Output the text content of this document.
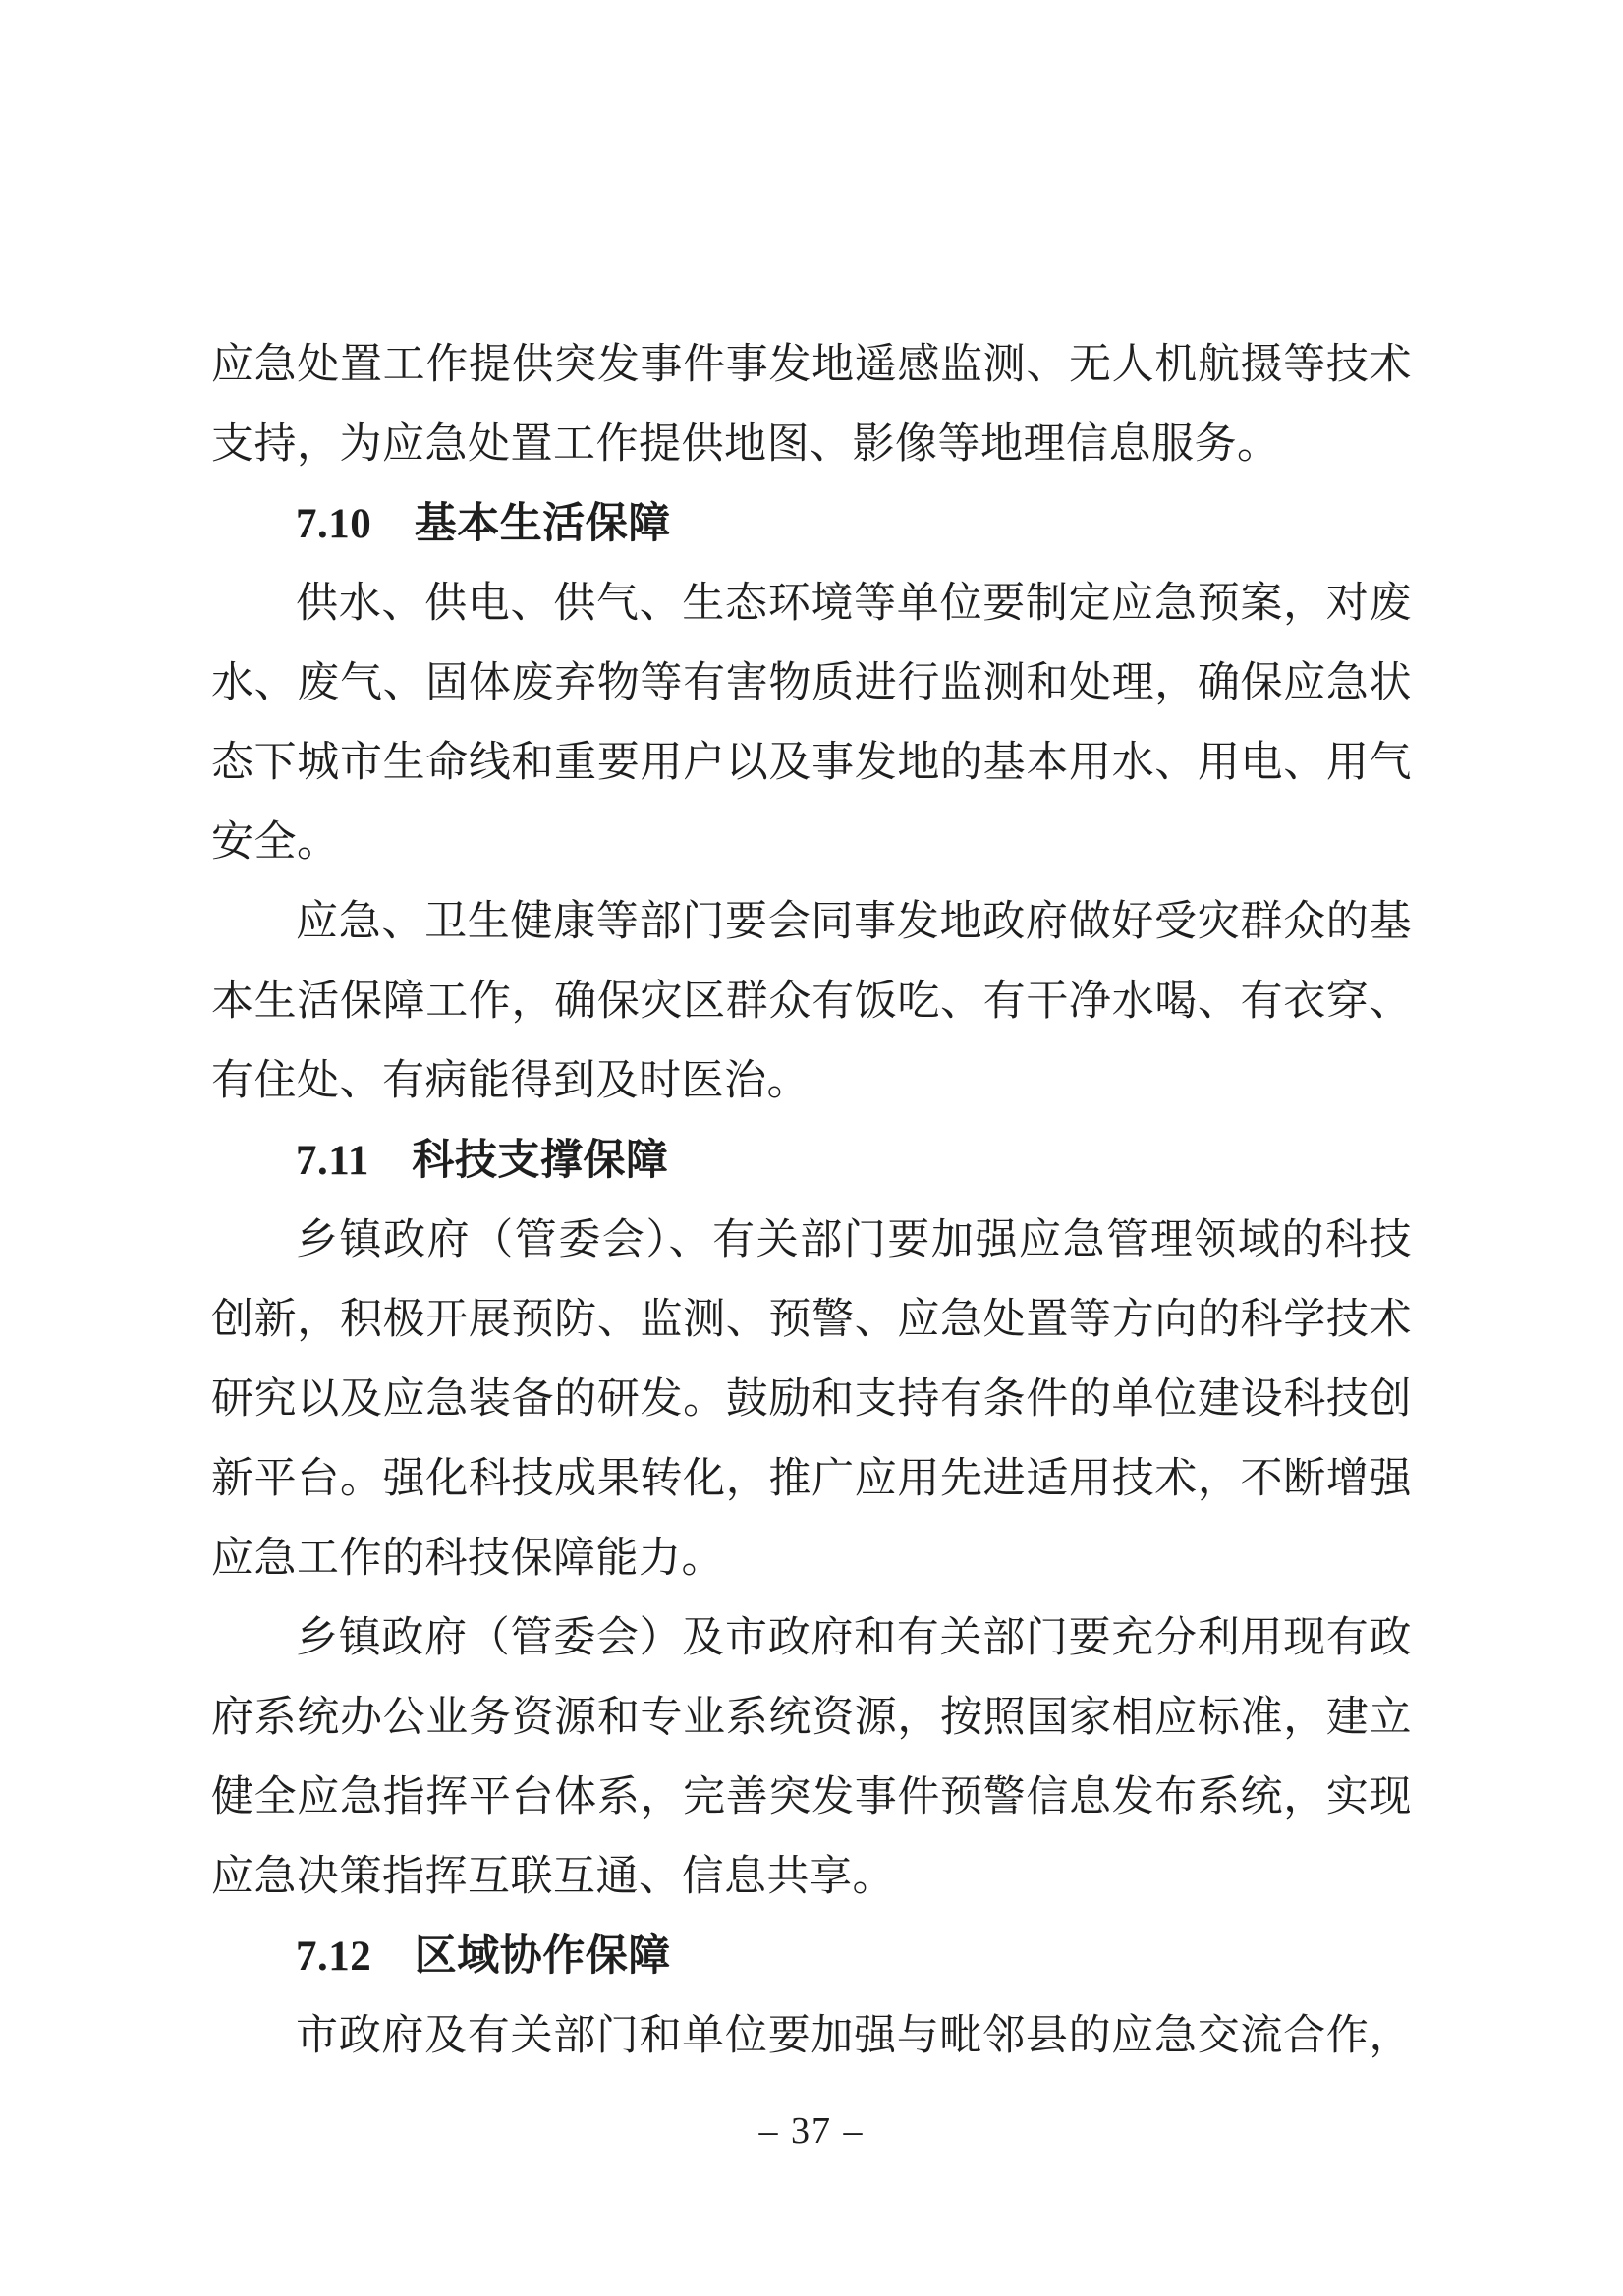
应急处置工作提供突发事件事发地遥感监测、无人机航摄等技术
支持，为应急处置工作提供地图、影像等地理信息服务。
7.10　基本生活保障
供水、供电、供气、生态环境等单位要制定应急预案，对废
水、废气、固体废弃物等有害物质进行监测和处理，确保应急状
态下城市生命线和重要用户以及事发地的基本用水、用电、用气
安全。
应急、卫生健康等部门要会同事发地政府做好受灾群众的基
本生活保障工作，确保灾区群众有饭吃、有干净水喝、有衣穿、
有住处、有病能得到及时医治。
7.11　科技支撑保障
乡镇政府（管委会）、有关部门要加强应急管理领域的科技
创新，积极开展预防、监测、预警、应急处置等方向的科学技术
研究以及应急装备的研发。鼓励和支持有条件的单位建设科技创
新平台。强化科技成果转化，推广应用先进适用技术，不断增强
应急工作的科技保障能力。
乡镇政府（管委会）及市政府和有关部门要充分利用现有政
府系统办公业务资源和专业系统资源，按照国家相应标准，建立
健全应急指挥平台体系，完善突发事件预警信息发布系统，实现
应急决策指挥互联互通、信息共享。
7.12　区域协作保障
市政府及有关部门和单位要加强与毗邻县的应急交流合作，
– 37 –
